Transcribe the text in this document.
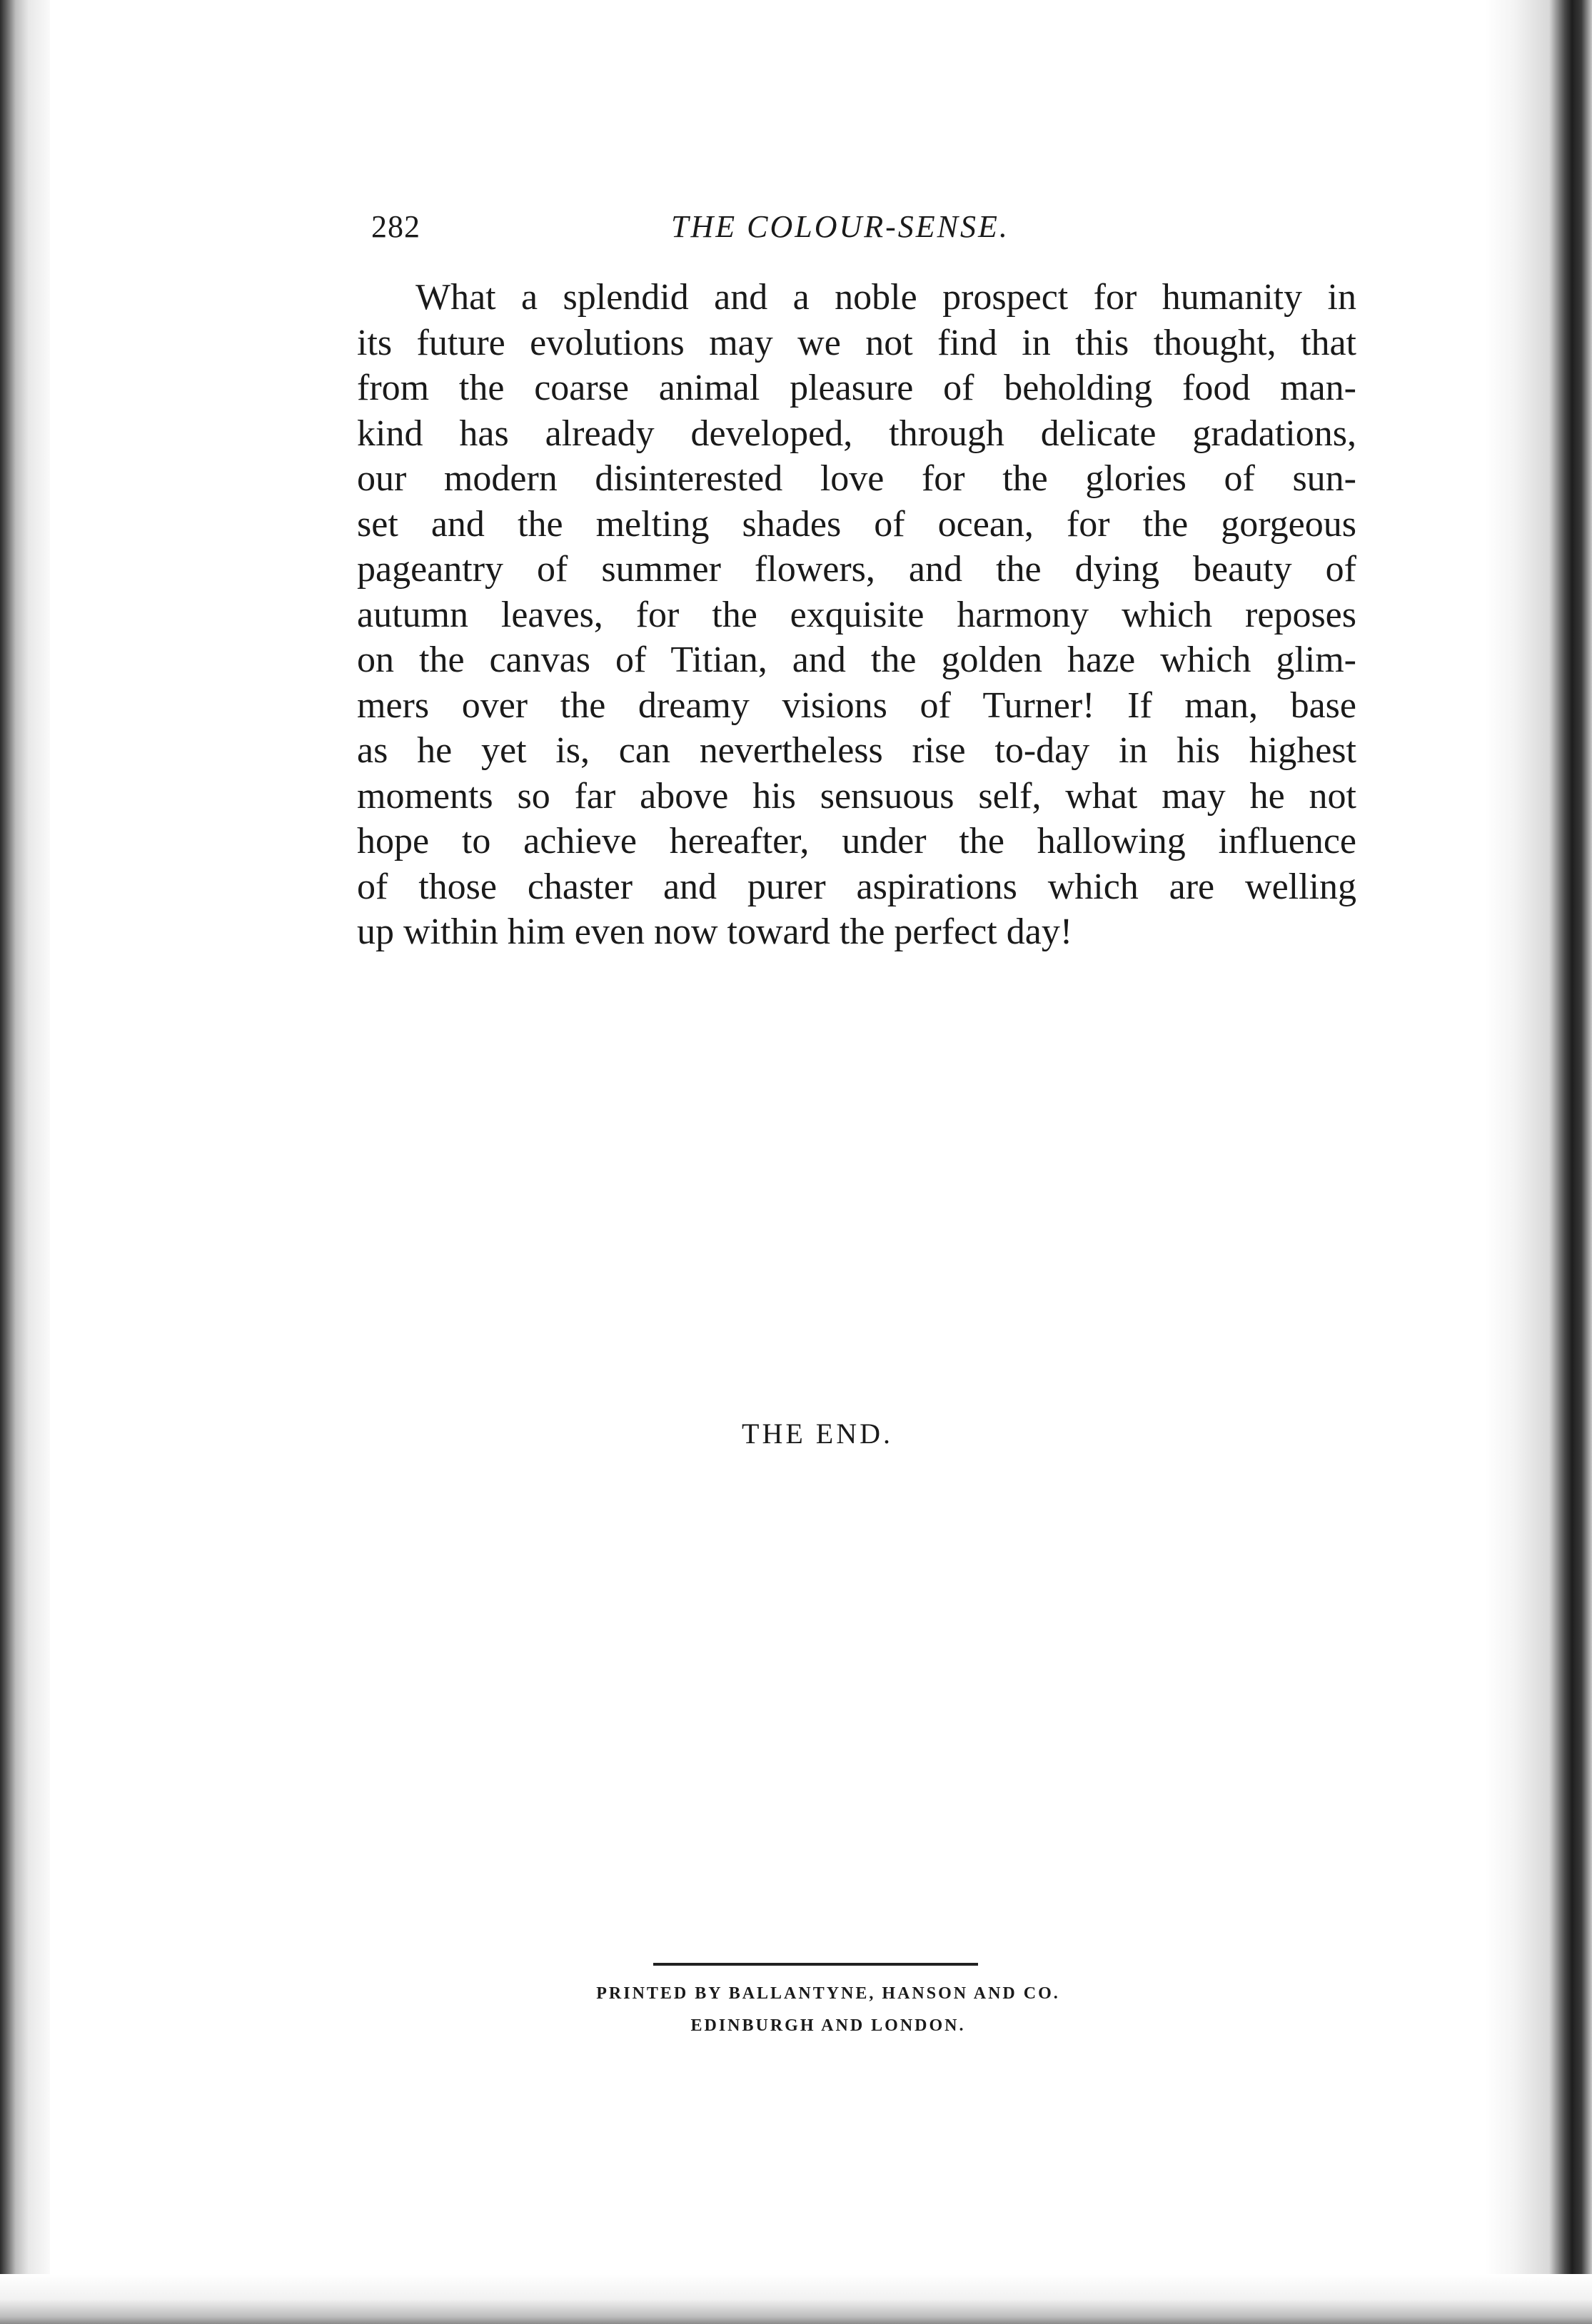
282	THE COLOUR-SENSE.
What a splendid and a noble prospect for humanity in
its future evolutions may we not find in this thought, that
from the coarse animal pleasure of beholding food man-
kind has already developed, through delicate gradations,
our modern disinterested love for the glories of sun-
set and the melting shades of ocean, for the gorgeous
pageantry of summer flowers, and the dying beauty of
autumn leaves, for the exquisite harmony which reposes
on the canvas of Titian, and the golden haze which glim-
mers over the dreamy visions of Turner! If man, base
as he yet is, can nevertheless rise to-day in his highest
moments so far above his sensuous self, what may he not
hope to achieve hereafter, under the hallowing influence
of those chaster and purer aspirations which are welling
up within him even now toward the perfect day!
THE END.
PRINTED BY BALLANTYNE, HANSON AND CO.
EDINBURGH AND LONDON.
